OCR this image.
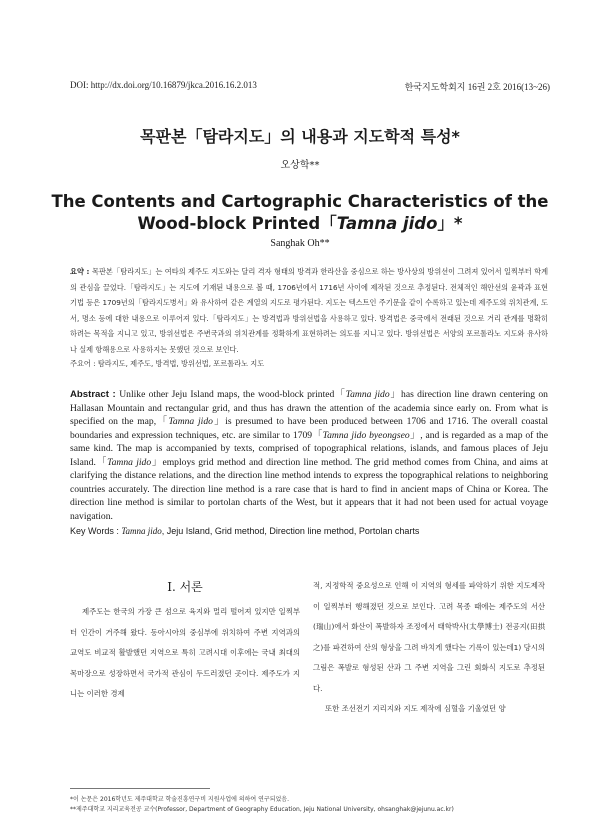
DOI: http://dx.doi.org/10.16879/jkca.2016.16.2.013	한국지도학회지 16권 2호 2016(13~26)
목판본「탐라지도」의 내용과 지도학적 특성*
오상학**
The Contents and Cartographic Characteristics of the
Wood-block Printed「Tamna jido」*
Sanghak Oh**
요약 : 목판본「탐라지도」는 여타의 제주도 지도와는 달리 격자 형태의 방격과 한라산을 중심으로 하는 방사상의 방위선이 그려져 있어서 일찍부터 학계의 관심을 끌었다.「탐라지도」는 지도에 기재된 내용으로 볼 때, 1706년에서 1716년 사이에 제작된 것으로 추정된다. 전체적인 해안선의 윤곽과 표현 기법 등은 1709년의「탐라지도병서」와 유사하여 같은 계열의 지도로 평가된다. 지도는 텍스트인 주기문을 같이 수록하고 있는데 제주도의 위치관계, 도서, 명소 등에 대한 내용으로 이루어져 있다.「탐라지도」는 방격법과 방위선법을 사용하고 있다. 방격법은 중국에서 전래된 것으로 거리 관계를 명확히 하려는 목적을 지니고 있고, 방위선법은 주변국과의 위치관계를 정확하게 표현하려는 의도를 지니고 있다. 방위선법은 서양의 포르톨라노 지도와 유사하나 실제 항해용으로 사용하지는 못했던 것으로 보인다.
주요어 : 탐라지도, 제주도, 방격법, 방위선법, 포르톨라노 지도
Abstract : Unlike other Jeju Island maps, the wood-block printed「Tamna jido」has direction line drawn centering on Hallasan Mountain and rectangular grid, and thus has drawn the attention of the academia since early on. From what is specified on the map,「Tamna jido」is presumed to have been produced between 1706 and 1716. The overall coastal boundaries and expression techniques, etc. are similar to 1709「Tamna jido byeongseo」, and is regarded as a map of the same kind. The map is accompanied by texts, comprised of topographical relations, islands, and famous places of Jeju Island.「Tamna jido」employs grid method and direction line method. The grid method comes from China, and aims at clarifying the distance relations, and the direction line method intends to express the topographical relations to neighboring countries accurately. The direction line method is a rare case that is hard to find in ancient maps of China or Korea. The direction line method is similar to portolan charts of the West, but it appears that it had not been used for actual voyage navigation.
Key Words : Tamna jido, Jeju Island, Grid method, Direction line method, Portolan charts
I. 서론

제주도는 한국의 가장 큰 섬으로 육지와 멀리 떨어져 있지만 일찍부터 인간이 거주해 왔다. 동아시아의 중심부에 위치하여 주변 지역과의 교역도 비교적 활발했던 지역으로 특히 고려시대 이후에는 국내 최대의 목마장으로 성장하면서 국가적 관심이 두드러졌던 곳이다. 제주도가 지니는 이러한 경제

적, 지정학적 중요성으로 인해 이 지역의 형세를 파악하기 위한 지도제작이 일찍부터 행해졌던 것으로 보인다. 고려 목종 때에는 제주도의 서산(瑞山)에서 화산이 폭발하자 조정에서 태학박사(太學博士) 전공지(田拱之)를 파견하여 산의 형상을 그려 바치게 했다는 기록이 있는데1) 당시의 그림은 폭발로 형성된 산과 그 주변 지역을 그린 회화식 지도로 추정된다.

또한 조선전기 지리지와 지도 제작에 심혈을 기울였던 양

*이 논문은 2016학년도 제주대학교 학술진흥연구비 지원사업에 의하여 연구되었음.
**제주대학교 지리교육전공 교수(Professor, Department of Geography Education, Jeju National University, ohsanghak@jejunu.ac.kr)
